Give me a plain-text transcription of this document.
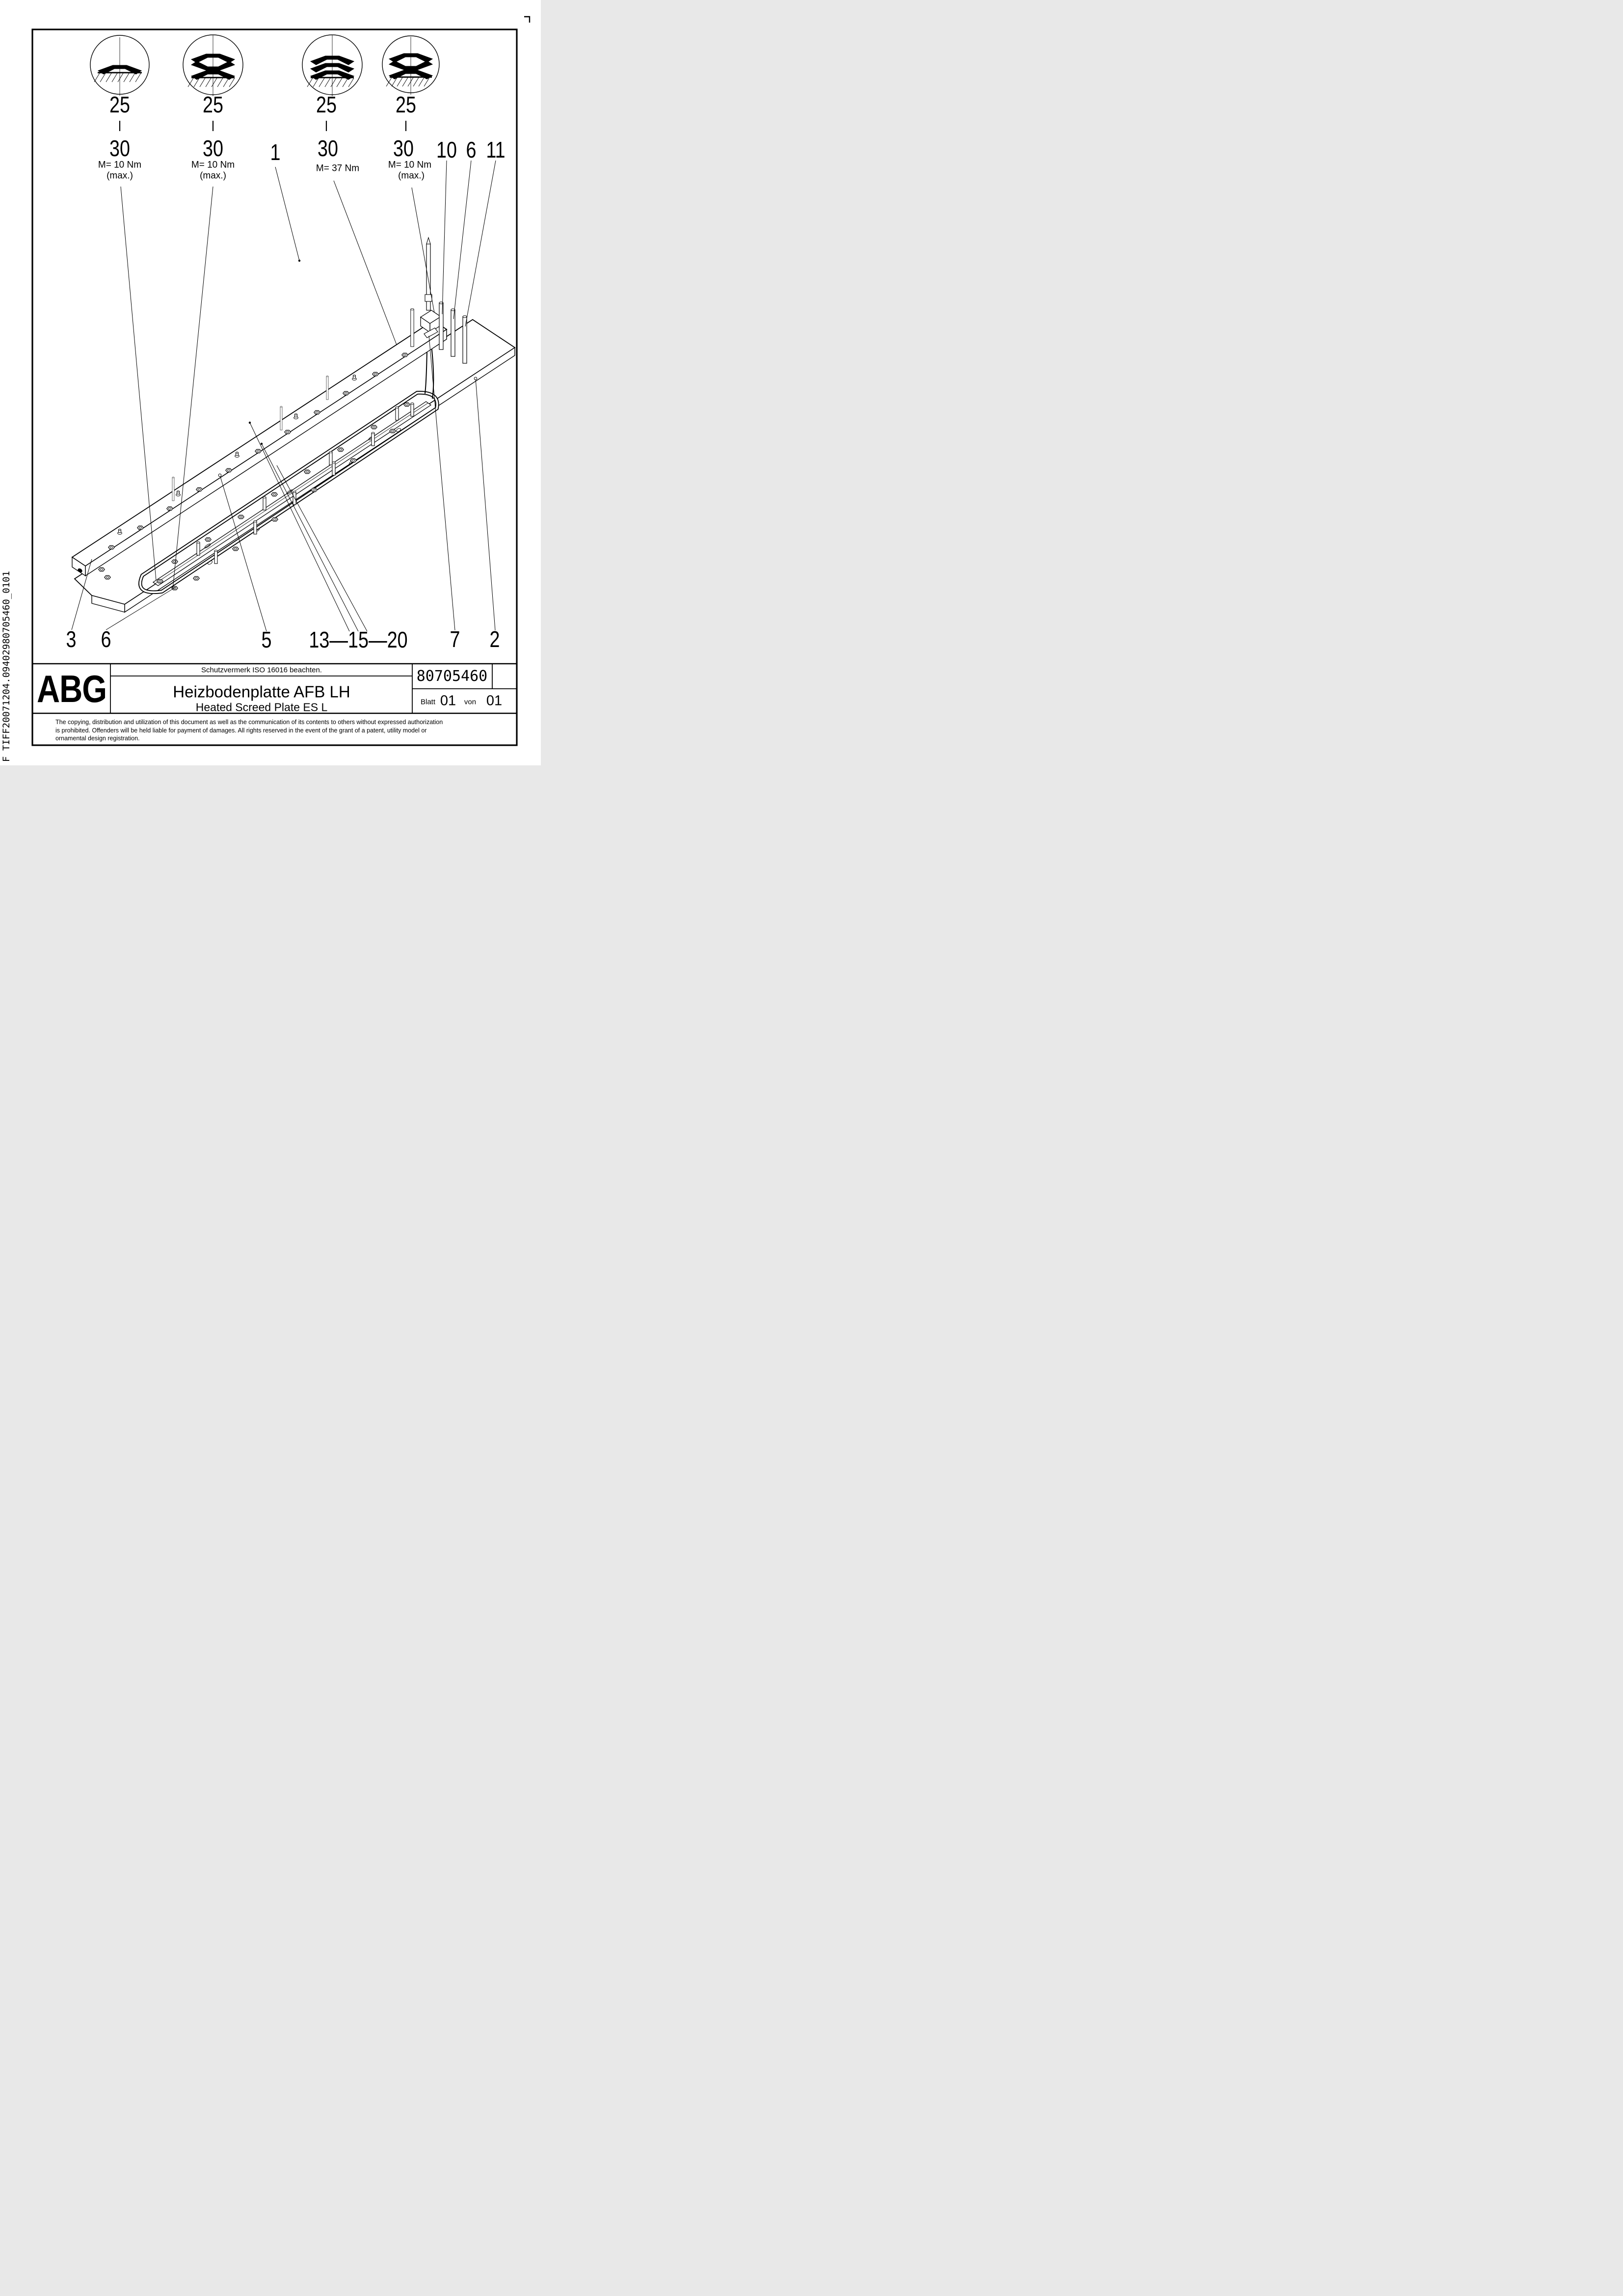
25
30
M= 10 Nm
(max.)
25
30
M= 10 Nm
(max.)
25
30
M= 37 Nm
25
30
M= 10 Nm
(max.)
1	10 6 11
3 6	5 13—15—20 7 2
ABG	Schutzvermerk ISO 16016 beachten.
Heizbodenplatte AFB LH
Heated Screed Plate ES L
80705460
Blatt 01 von 01
The copying, distribution and utilization of this document as well as the communication of its contents to others without expressed authorization
is prohibited. Offenders will be held liable for payment of damages. All rights reserved in the event of the grant of a patent, utility model or
ornamental design registration.
F TIFF20071204.09402980705460_0101
